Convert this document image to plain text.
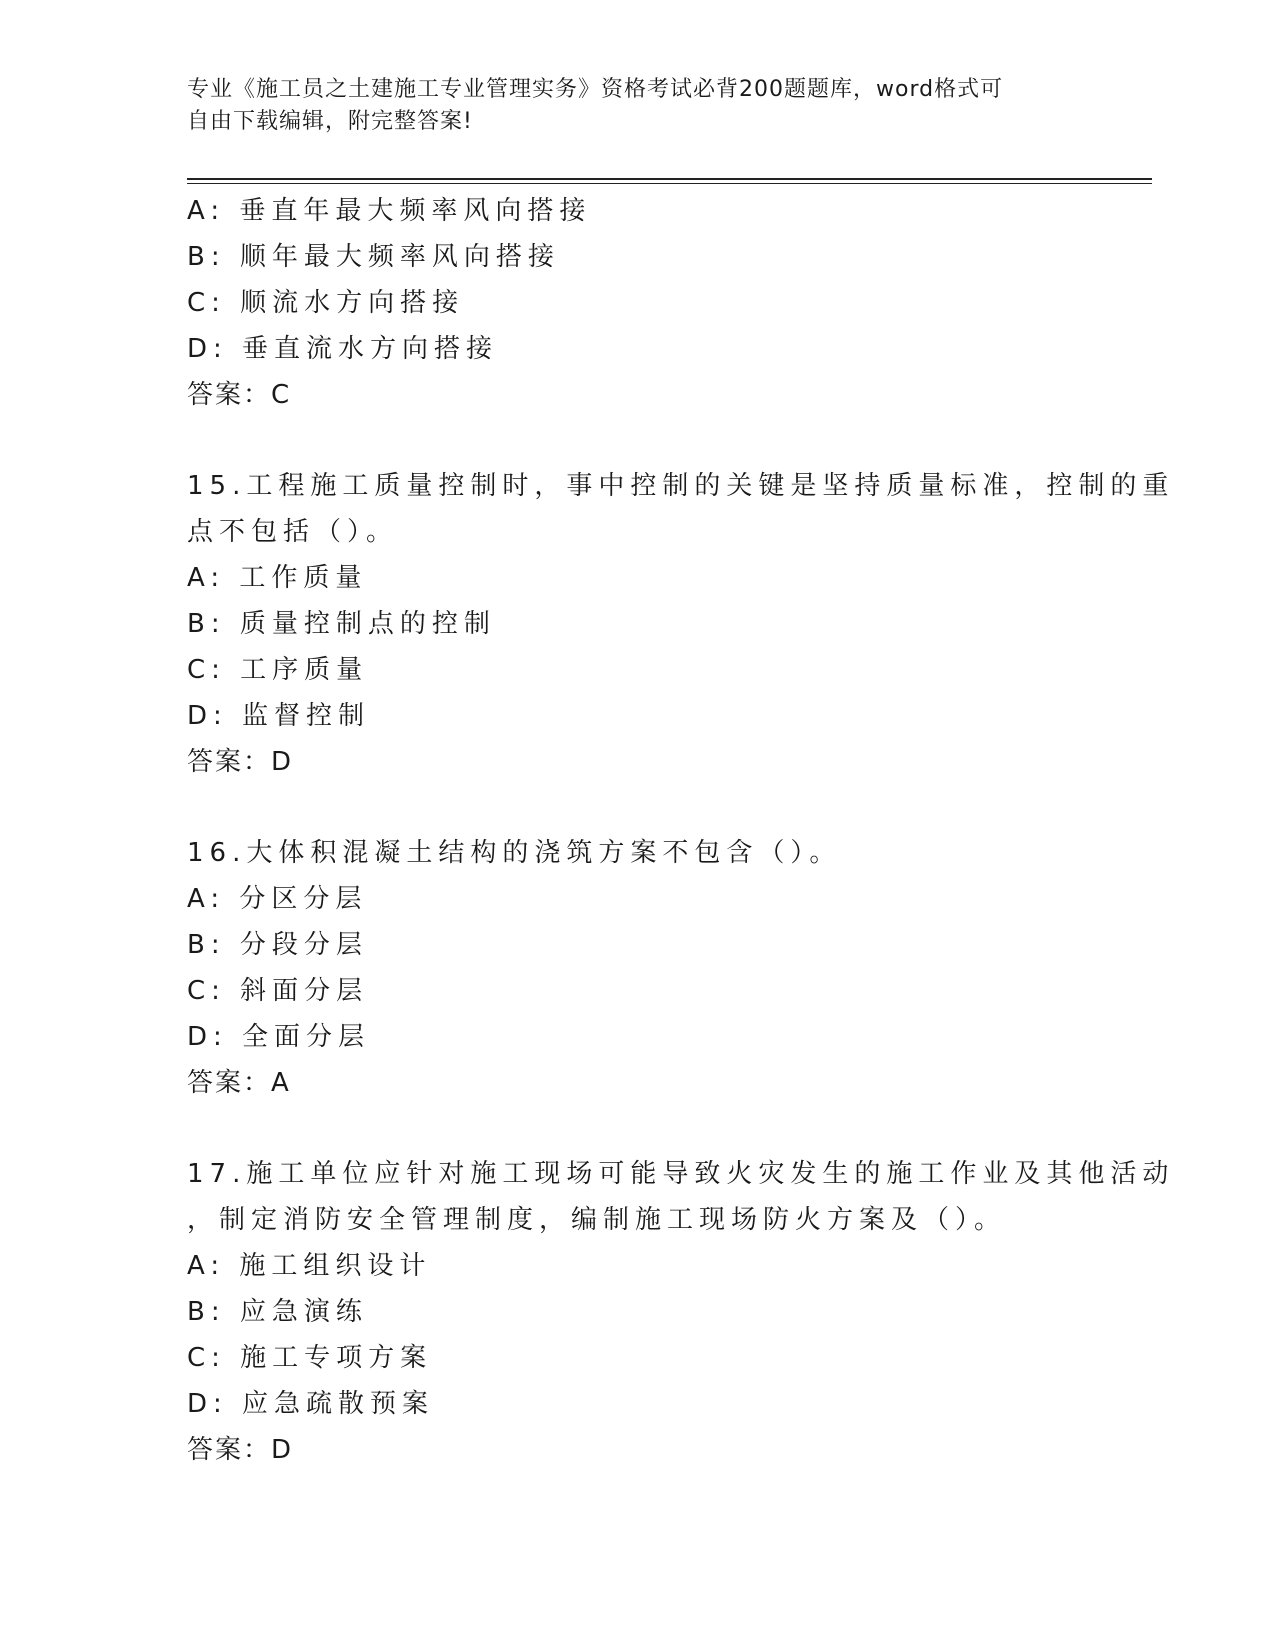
专业《施工员之土建施工专业管理实务》资格考试必背200题题库，word格式可
自由下载编辑，附完整答案!
A: 垂直年最大频率风向搭接
B: 顺年最大频率风向搭接
C: 顺流水方向搭接
D: 垂直流水方向搭接
答案：C
15.工程施工质量控制时，事中控制的关键是坚持质量标准，控制的重
点不包括（）。
A: 工作质量
B: 质量控制点的控制
C: 工序质量
D: 监督控制
答案：D
16.大体积混凝土结构的浇筑方案不包含（）。
A: 分区分层
B: 分段分层
C: 斜面分层
D: 全面分层
答案：A
17.施工单位应针对施工现场可能导致火灾发生的施工作业及其他活动
，制定消防安全管理制度，编制施工现场防火方案及（）。
A: 施工组织设计
B: 应急演练
C: 施工专项方案
D: 应急疏散预案
答案：D
